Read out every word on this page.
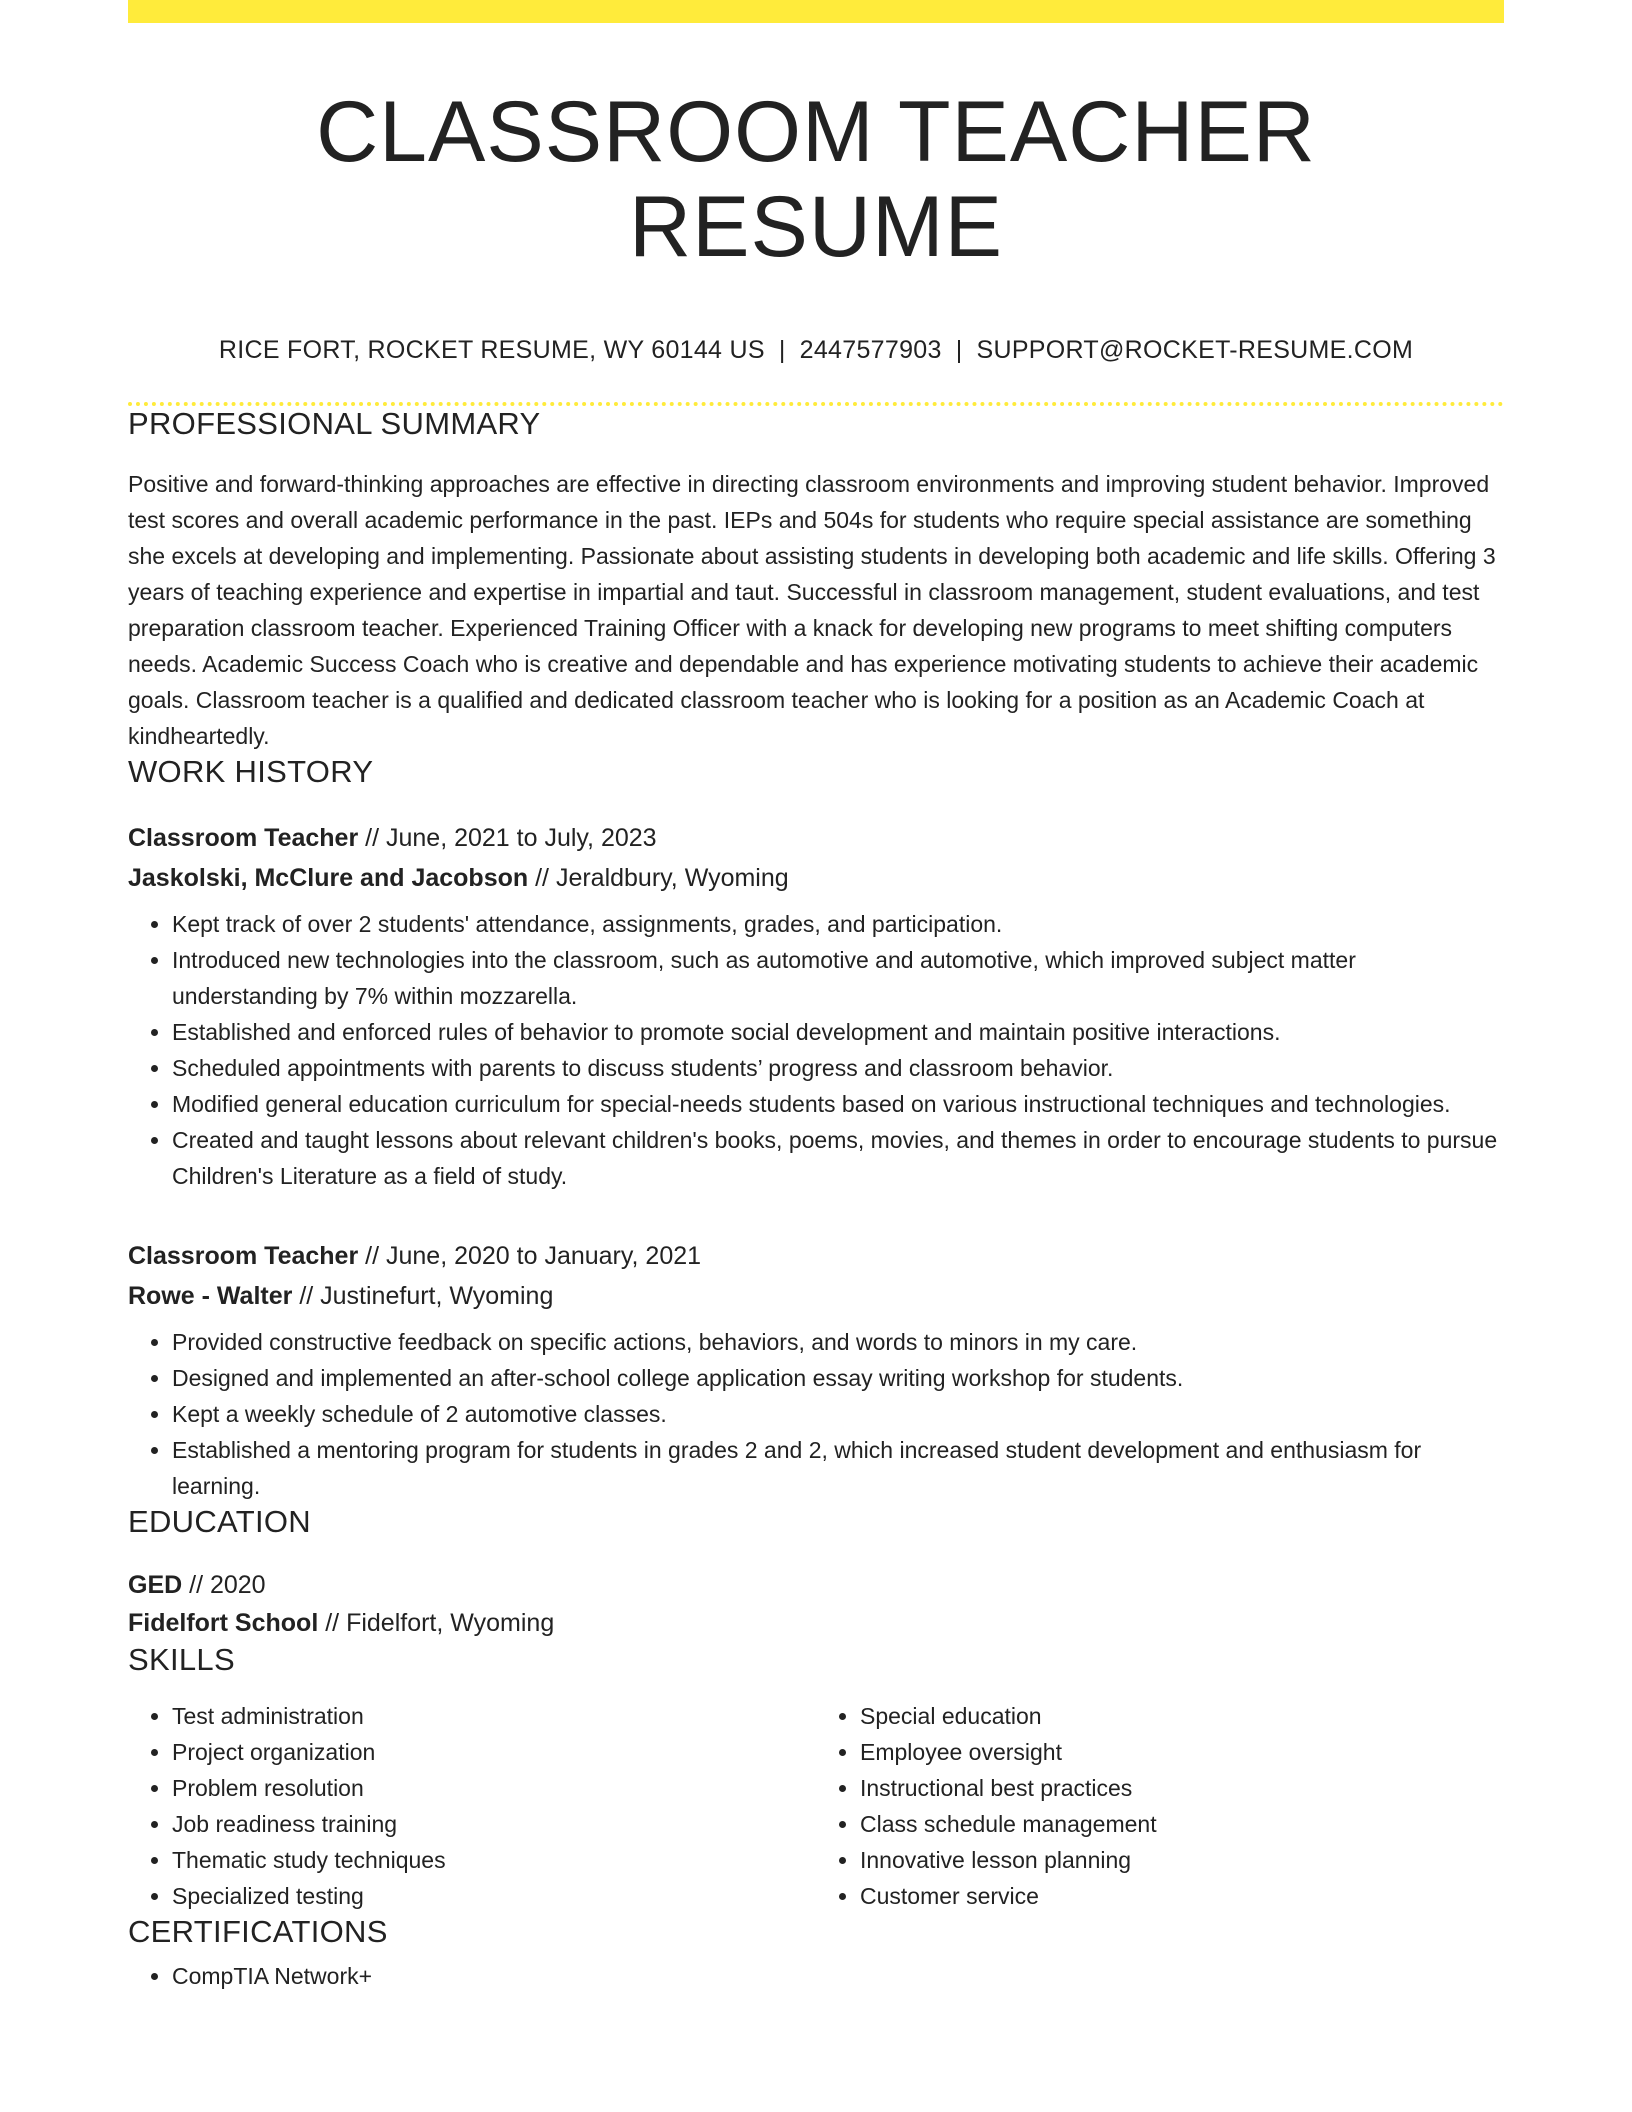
CLASSROOM TEACHER RESUME
RICE FORT, ROCKET RESUME, WY 60144 US | 2447577903 | SUPPORT@ROCKET-RESUME.COM
PROFESSIONAL SUMMARY

Positive and forward-thinking approaches are effective in directing classroom environments and improving student behavior. Improved test scores and overall academic performance in the past. IEPs and 504s for students who require special assistance are something she excels at developing and implementing. Passionate about assisting students in developing both academic and life skills. Offering 3 years of teaching experience and expertise in impartial and taut. Successful in classroom management, student evaluations, and test preparation classroom teacher. Experienced Training Officer with a knack for developing new programs to meet shifting computers needs. Academic Success Coach who is creative and dependable and has experience motivating students to achieve their academic goals. Classroom teacher is a qualified and dedicated classroom teacher who is looking for a position as an Academic Coach at kindheartedly.

WORK HISTORY
Classroom Teacher // June, 2021 to July, 2023
Jaskolski, McClure and Jacobson // Jeraldbury, Wyoming
• Kept track of over 2 students' attendance, assignments, grades, and participation.
• Introduced new technologies into the classroom, such as automotive and automotive, which improved subject matter understanding by 7% within mozzarella.
• Established and enforced rules of behavior to promote social development and maintain positive interactions.
• Scheduled appointments with parents to discuss students’ progress and classroom behavior.
• Modified general education curriculum for special-needs students based on various instructional techniques and technologies.
• Created and taught lessons about relevant children's books, poems, movies, and themes in order to encourage students to pursue Children's Literature as a field of study.
Classroom Teacher // June, 2020 to January, 2021
Rowe - Walter // Justinefurt, Wyoming
• Provided constructive feedback on specific actions, behaviors, and words to minors in my care.
• Designed and implemented an after-school college application essay writing workshop for students.
• Kept a weekly schedule of 2 automotive classes.
• Established a mentoring program for students in grades 2 and 2, which increased student development and enthusiasm for learning.
EDUCATION
GED // 2020
Fidelfort School // Fidelfort, Wyoming
SKILLS
• Test administration
• Project organization
• Problem resolution
• Job readiness training
• Thematic study techniques
• Specialized testing
• Special education
• Employee oversight
• Instructional best practices
• Class schedule management
• Innovative lesson planning
• Customer service
CERTIFICATIONS
• CompTIA Network+
